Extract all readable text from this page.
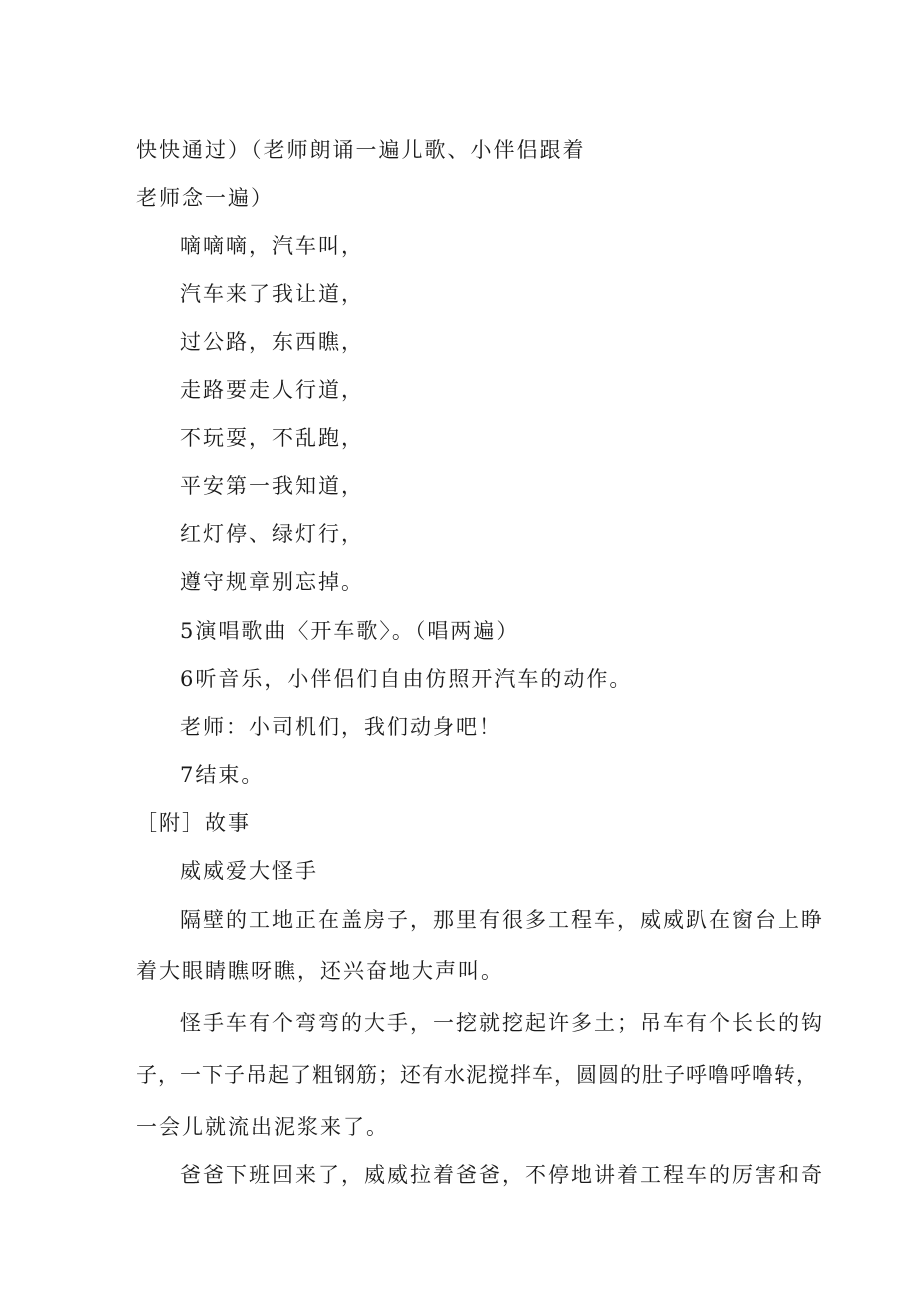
快快通过）（老师朗诵一遍儿歌、小伴侣跟着
老师念一遍）
嘀嘀嘀，汽车叫，
汽车来了我让道，
过公路，东西瞧，
走路要走人行道，
不玩耍，不乱跑，
平安第一我知道，
红灯停、绿灯行，
遵守规章别忘掉。
5演唱歌曲〈开车歌〉。（唱两遍）
6听音乐，小伴侣们自由仿照开汽车的动作。
老师：小司机们，我们动身吧！
7结束。
［附］故事
威威爱大怪手
隔壁的工地正在盖房子，那里有很多工程车，威威趴在窗台上睁
着大眼睛瞧呀瞧，还兴奋地大声叫。
怪手车有个弯弯的大手，一挖就挖起许多土；吊车有个长长的钩
子，一下子吊起了粗钢筋；还有水泥搅拌车，圆圆的肚子呼噜呼噜转，
一会儿就流出泥浆来了。
爸爸下班回来了，威威拉着爸爸，不停地讲着工程车的厉害和奇
